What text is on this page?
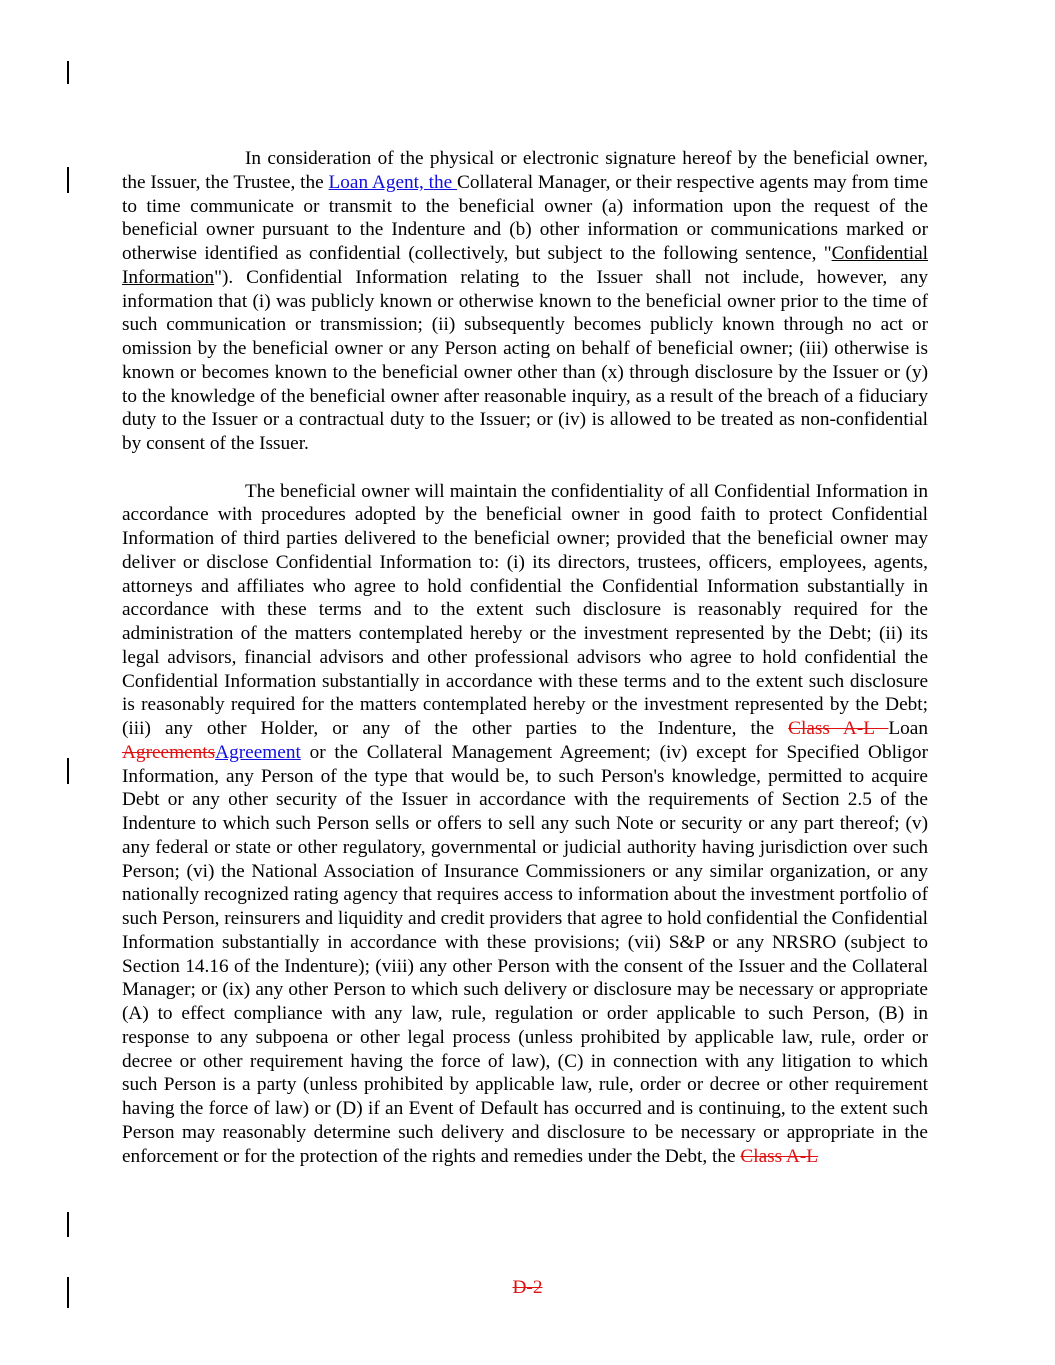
In consideration of the physical or electronic signature hereof by the beneficial owner, the Issuer, the Trustee, the Loan Agent, the Collateral Manager, or their respective agents may from time to time communicate or transmit to the beneficial owner (a) information upon the request of the beneficial owner pursuant to the Indenture and (b) other information or communications marked or otherwise identified as confidential (collectively, but subject to the following sentence, "Confidential Information"). Confidential Information relating to the Issuer shall not include, however, any information that (i) was publicly known or otherwise known to the beneficial owner prior to the time of such communication or transmission; (ii) subsequently becomes publicly known through no act or omission by the beneficial owner or any Person acting on behalf of beneficial owner; (iii) otherwise is known or becomes known to the beneficial owner other than (x) through disclosure by the Issuer or (y) to the knowledge of the beneficial owner after reasonable inquiry, as a result of the breach of a fiduciary duty to the Issuer or a contractual duty to the Issuer; or (iv) is allowed to be treated as non-confidential by consent of the Issuer.

The beneficial owner will maintain the confidentiality of all Confidential Information in accordance with procedures adopted by the beneficial owner in good faith to protect Confidential Information of third parties delivered to the beneficial owner; provided that the beneficial owner may deliver or disclose Confidential Information to: (i) its directors, trustees, officers, employees, agents, attorneys and affiliates who agree to hold confidential the Confidential Information substantially in accordance with these terms and to the extent such disclosure is reasonably required for the administration of the matters contemplated hereby or the investment represented by the Debt; (ii) its legal advisors, financial advisors and other professional advisors who agree to hold confidential the Confidential Information substantially in accordance with these terms and to the extent such disclosure is reasonably required for the matters contemplated hereby or the investment represented by the Debt; (iii) any other Holder, or any of the other parties to the Indenture, the Class A-L Loan AgreementsAgreement or the Collateral Management Agreement; (iv) except for Specified Obligor Information, any Person of the type that would be, to such Person's knowledge, permitted to acquire Debt or any other security of the Issuer in accordance with the requirements of Section 2.5 of the Indenture to which such Person sells or offers to sell any such Note or security or any part thereof; (v) any federal or state or other regulatory, governmental or judicial authority having jurisdiction over such Person; (vi) the National Association of Insurance Commissioners or any similar organization, or any nationally recognized rating agency that requires access to information about the investment portfolio of such Person, reinsurers and liquidity and credit providers that agree to hold confidential the Confidential Information substantially in accordance with these provisions; (vii) S&P or any NRSRO (subject to Section 14.16 of the Indenture); (viii) any other Person with the consent of the Issuer and the Collateral Manager; or (ix) any other Person to which such delivery or disclosure may be necessary or appropriate (A) to effect compliance with any law, rule, regulation or order applicable to such Person, (B) in response to any subpoena or other legal process (unless prohibited by applicable law, rule, order or decree or other requirement having the force of law), (C) in connection with any litigation to which such Person is a party (unless prohibited by applicable law, rule, order or decree or other requirement having the force of law) or (D) if an Event of Default has occurred and is continuing, to the extent such Person may reasonably determine such delivery and disclosure to be necessary or appropriate in the enforcement or for the protection of the rights and remedies under the Debt, the Class A-L

D-2
